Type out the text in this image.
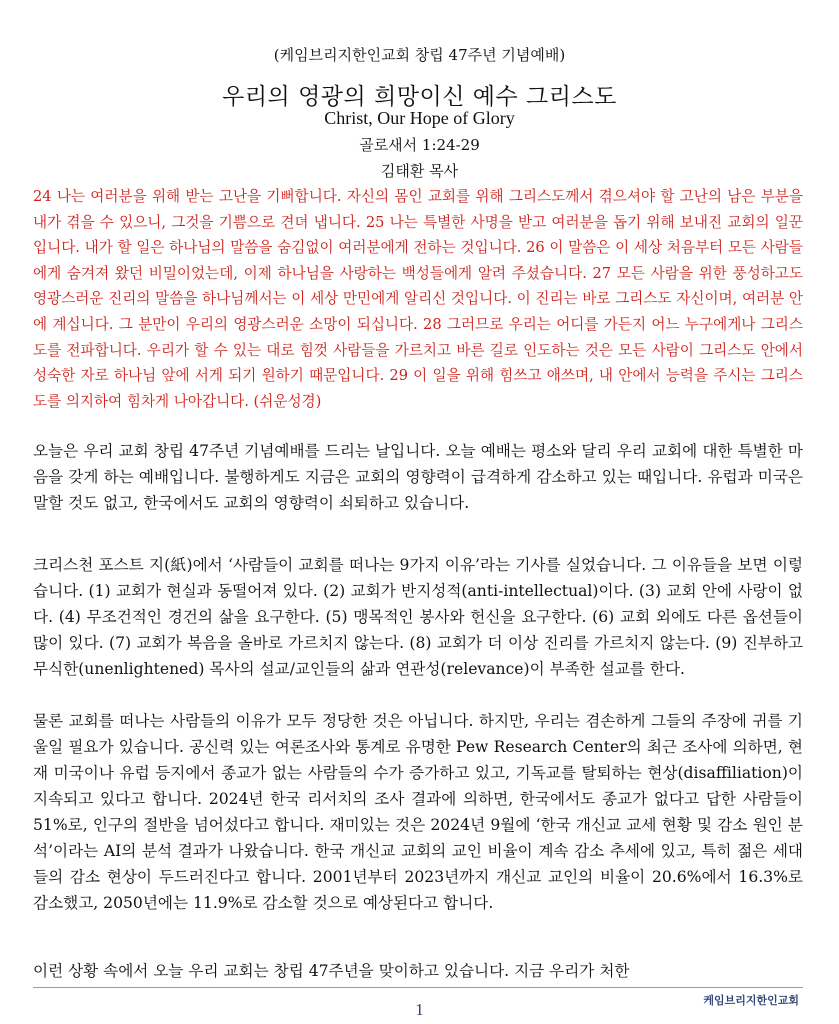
(케임브리지한인교회 창립 47주년 기념예배)
우리의 영광의 희망이신 예수 그리스도
Christ, Our Hope of Glory
골로새서 1:24-29
김태환 목사

24 나는 여러분을 위해 받는 고난을 기뻐합니다. 자신의 몸인 교회를 위해 그리스도께서 겪으셔야 할 고난의 남은 부분을 내가 겪을 수 있으니, 그것을 기쁨으로 견뎌 냅니다. 25 나는 특별한 사명을 받고 여러분을 돕기 위해 보내진 교회의 일꾼입니다. 내가 할 일은 하나님의 말씀을 숨김없이 여러분에게 전하는 것입니다. 26 이 말씀은 이 세상 처음부터 모든 사람들에게 숨겨져 왔던 비밀이었는데, 이제 하나님을 사랑하는 백성들에게 알려 주셨습니다. 27 모든 사람을 위한 풍성하고도 영광스러운 진리의 말씀을 하나님께서는 이 세상 만민에게 알리신 것입니다. 이 진리는 바로 그리스도 자신이며, 여러분 안에 계십니다. 그 분만이 우리의 영광스러운 소망이 되십니다. 28 그러므로 우리는 어디를 가든지 어느 누구에게나 그리스도를 전파합니다. 우리가 할 수 있는 대로 힘껏 사람들을 가르치고 바른 길로 인도하는 것은 모든 사람이 그리스도 안에서 성숙한 자로 하나님 앞에 서게 되기 원하기 때문입니다. 29 이 일을 위해 힘쓰고 애쓰며, 내 안에서 능력을 주시는 그리스도를 의지하여 힘차게 나아갑니다. (쉬운성경)

오늘은 우리 교회 창립 47주년 기념예배를 드리는 날입니다. 오늘 예배는 평소와 달리 우리 교회에 대한 특별한 마음을 갖게 하는 예배입니다. 불행하게도 지금은 교회의 영향력이 급격하게 감소하고 있는 때입니다. 유럽과 미국은 말할 것도 없고, 한국에서도 교회의 영향력이 쇠퇴하고 있습니다.

크리스천 포스트 지(紙)에서 ‘사람들이 교회를 떠나는 9가지 이유’라는 기사를 실었습니다. 그 이유들을 보면 이렇습니다. (1) 교회가 현실과 동떨어져 있다. (2) 교회가 반지성적(anti-intellectual)이다. (3) 교회 안에 사랑이 없다. (4) 무조건적인 경건의 삶을 요구한다. (5) 맹목적인 봉사와 헌신을 요구한다. (6) 교회 외에도 다른 옵션들이 많이 있다. (7) 교회가 복음을 올바로 가르치지 않는다. (8) 교회가 더 이상 진리를 가르치지 않는다. (9) 진부하고 무식한(unenlightened) 목사의 설교/교인들의 삶과 연관성(relevance)이 부족한 설교를 한다.

물론 교회를 떠나는 사람들의 이유가 모두 정당한 것은 아닙니다. 하지만, 우리는 겸손하게 그들의 주장에 귀를 기울일 필요가 있습니다. 공신력 있는 여론조사와 통계로 유명한 Pew Research Center의 최근 조사에 의하면, 현재 미국이나 유럽 등지에서 종교가 없는 사람들의 수가 증가하고 있고, 기독교를 탈퇴하는 현상(disaffiliation)이 지속되고 있다고 합니다. 2024년 한국 리서치의 조사 결과에 의하면, 한국에서도 종교가 없다고 답한 사람들이 51%로, 인구의 절반을 넘어섰다고 합니다. 재미있는 것은 2024년 9월에 ‘한국 개신교 교세 현황 및 감소 원인 분석’이라는 AI의 분석 결과가 나왔습니다. 한국 개신교 교회의 교인 비율이 계속 감소 추세에 있고, 특히 젊은 세대들의 감소 현상이 두드러진다고 합니다. 2001년부터 2023년까지 개신교 교인의 비율이 20.6%에서 16.3%로 감소했고, 2050년에는 11.9%로 감소할 것으로 예상된다고 합니다.

이런 상황 속에서 오늘 우리 교회는 창립 47주년을 맞이하고 있습니다. 지금 우리가 처한

케임브리지한인교회
1
